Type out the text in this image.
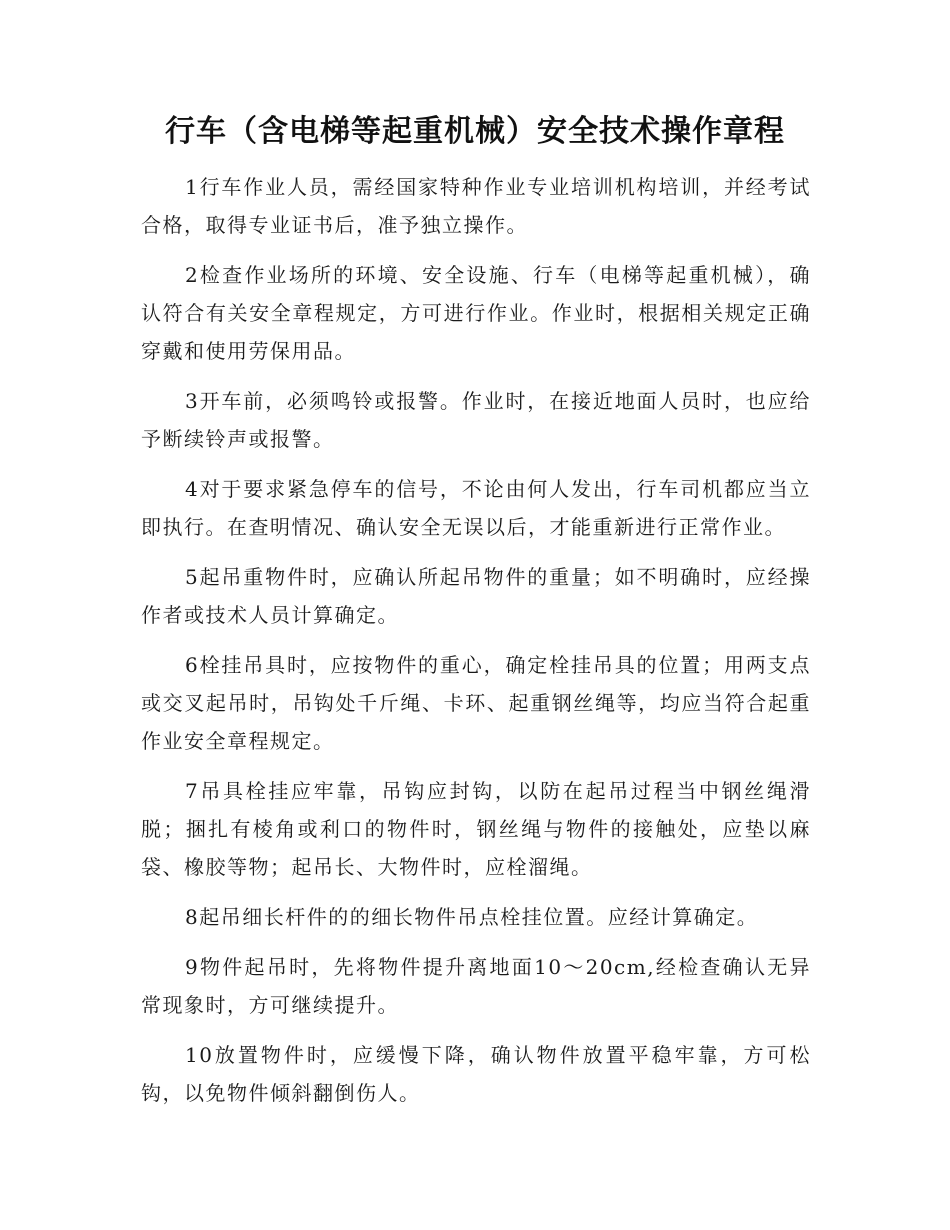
行车（含电梯等起重机械）安全技术操作章程

1行车作业人员，需经国家特种作业专业培训机构培训，并经考试合格，取得专业证书后，准予独立操作。

2检查作业场所的环境、安全设施、行车（电梯等起重机械），确认符合有关安全章程规定，方可进行作业。作业时，根据相关规定正确穿戴和使用劳保用品。

3开车前，必须鸣铃或报警。作业时，在接近地面人员时，也应给予断续铃声或报警。

4对于要求紧急停车的信号，不论由何人发出，行车司机都应当立即执行。在查明情况、确认安全无误以后，才能重新进行正常作业。

5起吊重物件时，应确认所起吊物件的重量；如不明确时，应经操作者或技术人员计算确定。

6栓挂吊具时，应按物件的重心，确定栓挂吊具的位置；用两支点或交叉起吊时，吊钩处千斤绳、卡环、起重钢丝绳等，均应当符合起重作业安全章程规定。

7吊具栓挂应牢靠，吊钩应封钩，以防在起吊过程当中钢丝绳滑脱；捆扎有棱角或利口的物件时，钢丝绳与物件的接触处，应垫以麻袋、橡胶等物；起吊长、大物件时，应栓溜绳。

8起吊细长杆件的的细长物件吊点栓挂位置。应经计算确定。

9物件起吊时，先将物件提升离地面10～20cm,经检查确认无异常现象时，方可继续提升。

10放置物件时，应缓慢下降，确认物件放置平稳牢靠，方可松钩，以免物件倾斜翻倒伤人。
